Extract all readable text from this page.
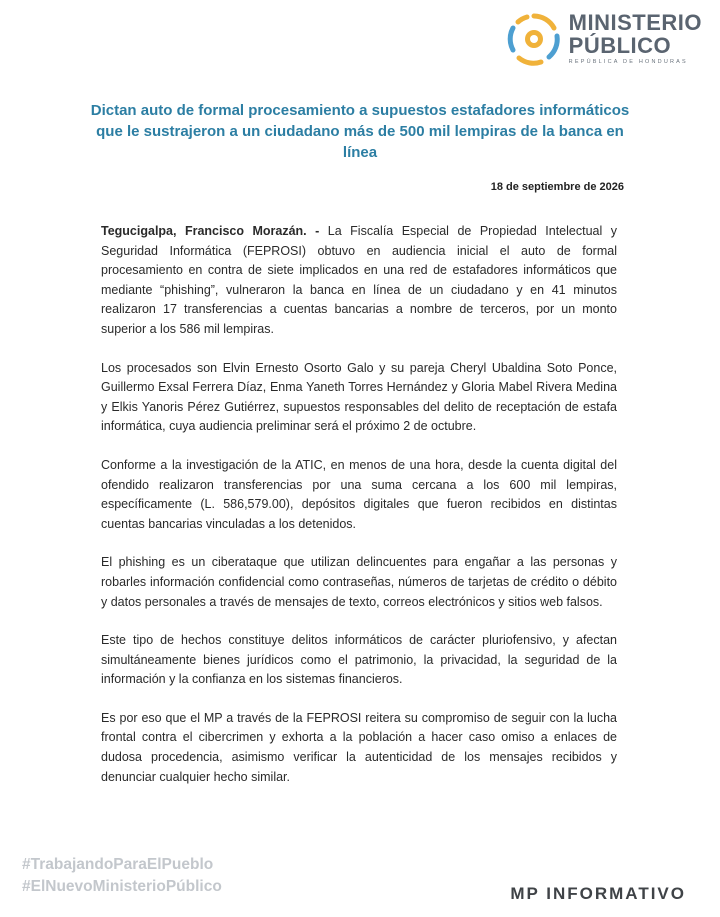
MINISTERIO
PÚBLICO
REPÚBLICA DE HONDURAS
Dictan auto de formal procesamiento a supuestos estafadores informáticos que le sustrajeron a un ciudadano más de 500 mil lempiras de la banca en línea
18 de septiembre de 2026

Tegucigalpa, Francisco Morazán. - La Fiscalía Especial de Propiedad Intelectual y Seguridad Informática (FEPROSI) obtuvo en audiencia inicial el auto de formal procesamiento en contra de siete implicados en una red de estafadores informáticos que mediante “phishing”, vulneraron la banca en línea de un ciudadano y en 41 minutos realizaron 17 transferencias a cuentas bancarias a nombre de terceros, por un monto superior a los 586 mil lempiras.

Los procesados son Elvin Ernesto Osorto Galo y su pareja Cheryl Ubaldina Soto Ponce, Guillermo Exsal Ferrera Díaz, Enma Yaneth Torres Hernández y Gloria Mabel Rivera Medina y Elkis Yanoris Pérez Gutiérrez, supuestos responsables del delito de receptación de estafa informática, cuya audiencia preliminar será el próximo 2 de octubre.

Conforme a la investigación de la ATIC, en menos de una hora, desde la cuenta digital del ofendido realizaron transferencias por una suma cercana a los 600 mil lempiras, específicamente (L. 586,579.00), depósitos digitales que fueron recibidos en distintas cuentas bancarias vinculadas a los detenidos.

El phishing es un ciberataque que utilizan delincuentes para engañar a las personas y robarles información confidencial como contraseñas, números de tarjetas de crédito o débito y datos personales a través de mensajes de texto, correos electrónicos y sitios web falsos.

Este tipo de hechos constituye delitos informáticos de carácter pluriofensivo, y afectan simultáneamente bienes jurídicos como el patrimonio, la privacidad, la seguridad de la información y la confianza en los sistemas financieros.

Es por eso que el MP a través de la FEPROSI reitera su compromiso de seguir con la lucha frontal contra el cibercrimen y exhorta a la población a hacer caso omiso a enlaces de dudosa procedencia, asimismo verificar la autenticidad de los mensajes recibidos y denunciar cualquier hecho similar.

#TrabajandoParaElPueblo
#ElNuevoMinisterioPúblico	MP INFORMATIVO
